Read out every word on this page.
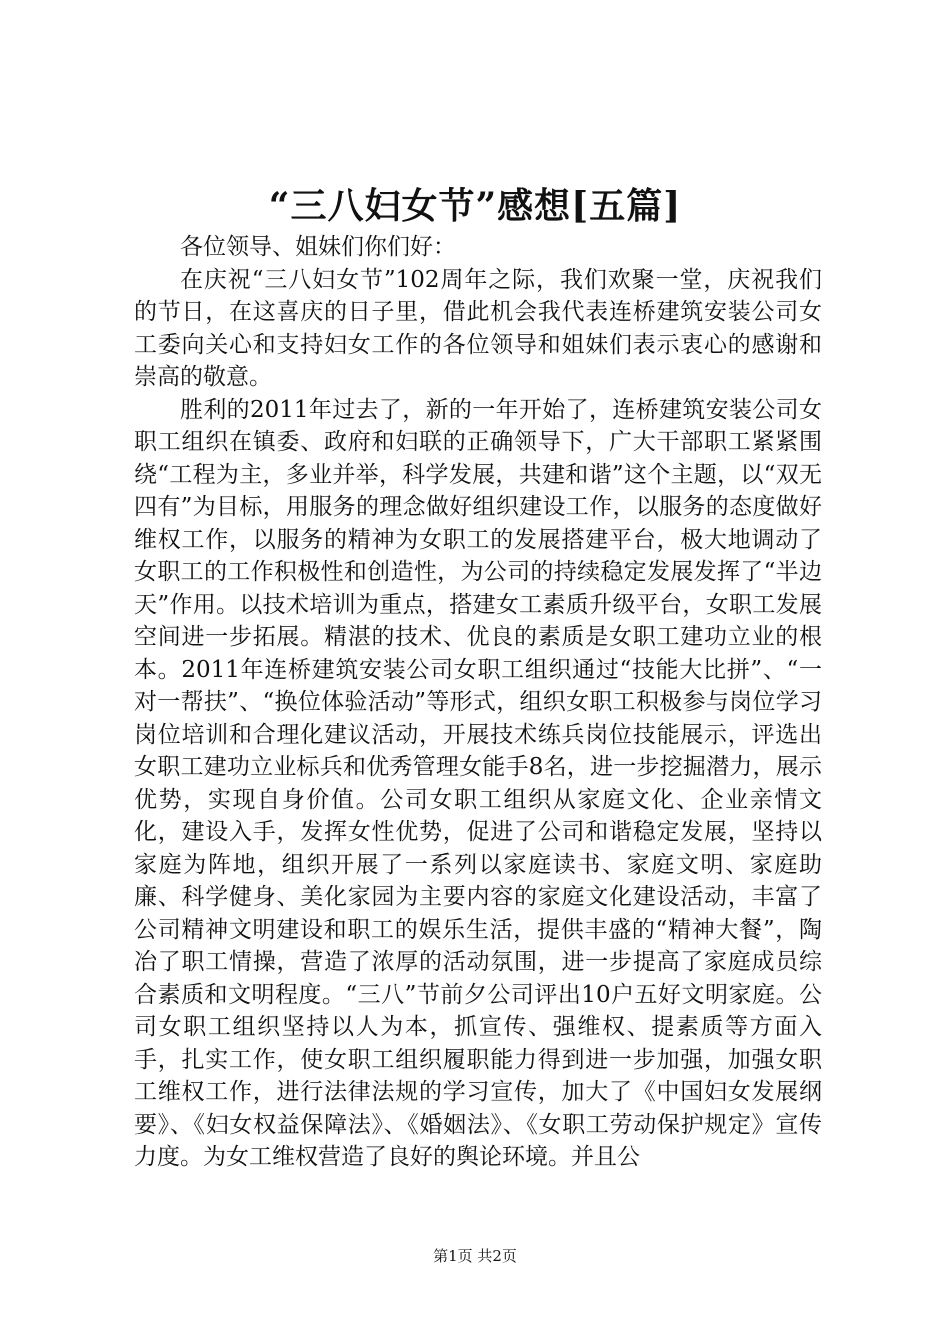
“三八妇女节”感想[五篇]

各位领导、姐妹们你们好：

在庆祝“三八妇女节”102周年之际，我们欢聚一堂，庆祝我们的节日，在这喜庆的日子里，借此机会我代表连桥建筑安装公司女工委向关心和支持妇女工作的各位领导和姐妹们表示衷心的感谢和崇高的敬意。

胜利的2011年过去了，新的一年开始了，连桥建筑安装公司女职工组织在镇委、政府和妇联的正确领导下，广大干部职工紧紧围绕“工程为主，多业并举，科学发展，共建和谐”这个主题，以“双无四有”为目标，用服务的理念做好组织建设工作，以服务的态度做好维权工作，以服务的精神为女职工的发展搭建平台，极大地调动了女职工的工作积极性和创造性，为公司的持续稳定发展发挥了“半边天”作用。以技术培训为重点，搭建女工素质升级平台，女职工发展空间进一步拓展。精湛的技术、优良的素质是女职工建功立业的根本。2011年连桥建筑安装公司女职工组织通过“技能大比拼”、“一对一帮扶”、“换位体验活动”等形式，组织女职工积极参与岗位学习岗位培训和合理化建议活动，开展技术练兵岗位技能展示，评选出女职工建功立业标兵和优秀管理女能手8名，进一步挖掘潜力，展示优势，实现自身价值。公司女职工组织从家庭文化、企业亲情文化，建设入手，发挥女性优势，促进了公司和谐稳定发展，坚持以家庭为阵地，组织开展了一系列以家庭读书、家庭文明、家庭助廉、科学健身、美化家园为主要内容的家庭文化建设活动，丰富了公司精神文明建设和职工的娱乐生活，提供丰盛的“精神大餐”，陶冶了职工情操，营造了浓厚的活动氛围，进一步提高了家庭成员综合素质和文明程度。“三八”节前夕公司评出10户五好文明家庭。公司女职工组织坚持以人为本，抓宣传、强维权、提素质等方面入手，扎实工作，使女职工组织履职能力得到进一步加强，加强女职工维权工作，进行法律法规的学习宣传，加大了《中国妇女发展纲要》、《妇女权益保障法》、《婚姻法》、《女职工劳动保护规定》宣传力度。为女工维权营造了良好的舆论环境。并且公

第1页 共2页
